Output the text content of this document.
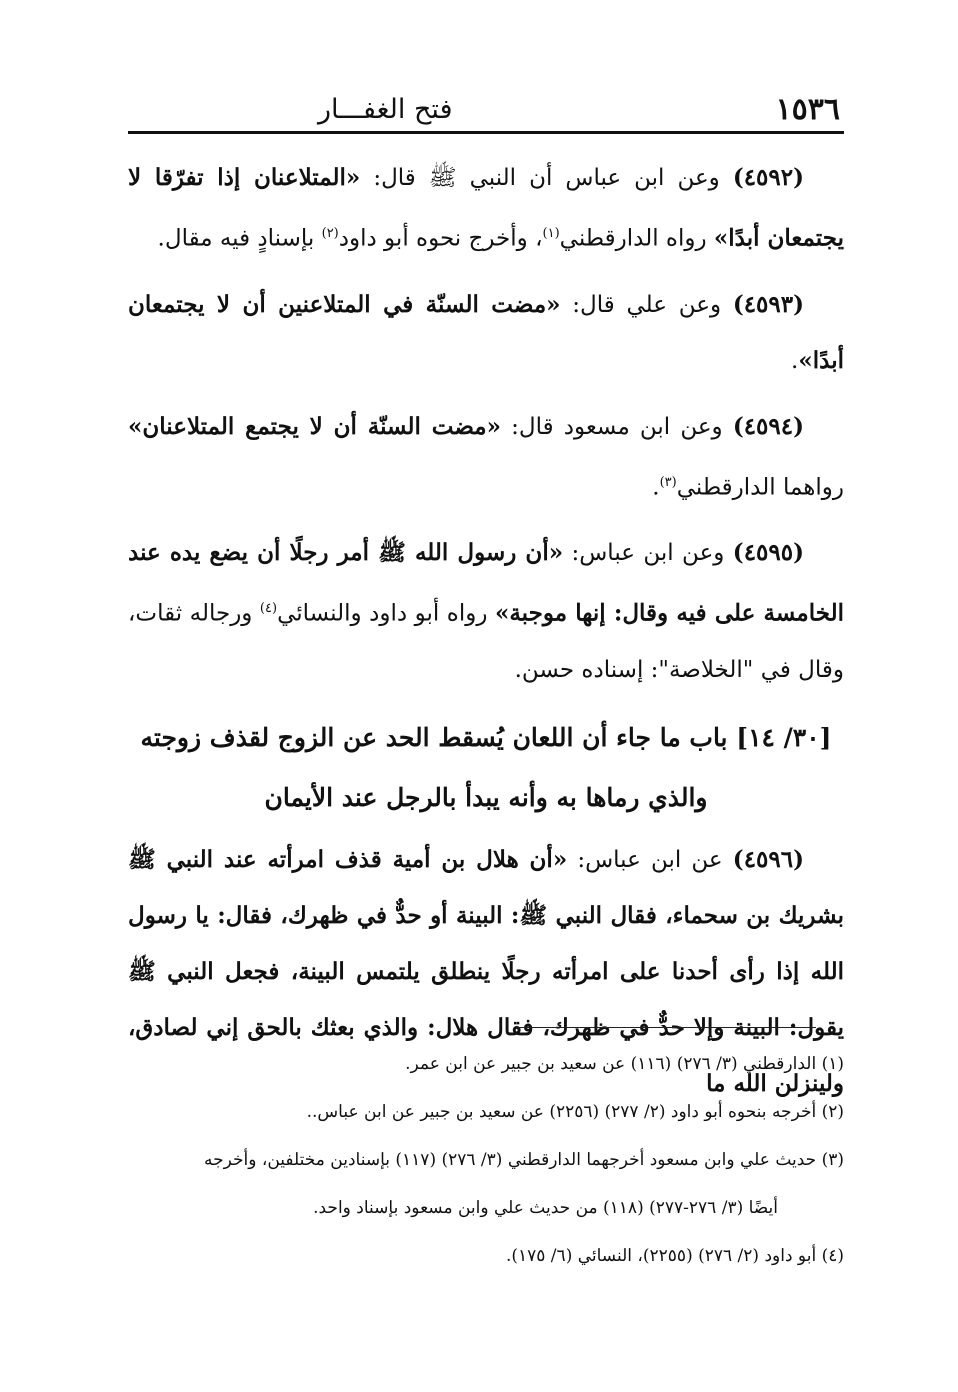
١٥٣٦
فتح الغفـــار

(٤٥٩٢) وعن ابن عباس أن النبي ﷺ قال: «المتلاعنان إذا تفرّقا لا يجتمعان أبدًا» رواه الدارقطني$^{(١)}$، وأخرج نحوه أبو داود$^{(٢)}$ بإسنادٍ فيه مقال.

(٤٥٩٣) وعن علي قال: «مضت السنّة في المتلاعنين أن لا يجتمعان أبدًا».

(٤٥٩٤) وعن ابن مسعود قال: «مضت السنّة أن لا يجتمع المتلاعنان» رواهما الدارقطني$^{(٣)}$.

(٤٥٩٥) وعن ابن عباس: «أن رسول الله ﷺ أمر رجلًا أن يضع يده عند الخامسة على فيه وقال: إنها موجبة» رواه أبو داود والنسائي$^{(٤)}$ ورجاله ثقات، وقال في "الخلاصة": إسناده حسن.

[٣٠/ ١٤] باب ما جاء أن اللعان يُسقط الحد عن الزوج لقذف زوجته
والذي رماها به وأنه يبدأ بالرجل عند الأيمان

(٤٥٩٦) عن ابن عباس: «أن هلال بن أمية قذف امرأته عند النبي ﷺ بشريك بن سحماء، فقال النبي ﷺ: البينة أو حدٌّ في ظهرك، فقال: يا رسول الله إذا رأى أحدنا على امرأته رجلًا ينطلق يلتمس البينة، فجعل النبي ﷺ يقول: البينة وإلا حدٌّ في ظهرك، فقال هلال: والذي بعثك بالحق إني لصادق، ولينزلن الله ما

(١) الدارقطني (٣/ ٢٧٦) (١١٦) عن سعيد بن جبير عن ابن عمر.
(٢) أخرجه بنحوه أبو داود (٢/ ٢٧٧) (٢٢٥٦) عن سعيد بن جبير عن ابن عباس..
(٣) حديث علي وابن مسعود أخرجهما الدارقطني (٣/ ٢٧٦) (١١٧) بإسنادين مختلفين، وأخرجه
أيضًا (٣/ ٢٧٦-٢٧٧) (١١٨) من حديث علي وابن مسعود بإسناد واحد.
(٤) أبو داود (٢/ ٢٧٦) (٢٢٥٥)، النسائي (٦/ ١٧٥).
